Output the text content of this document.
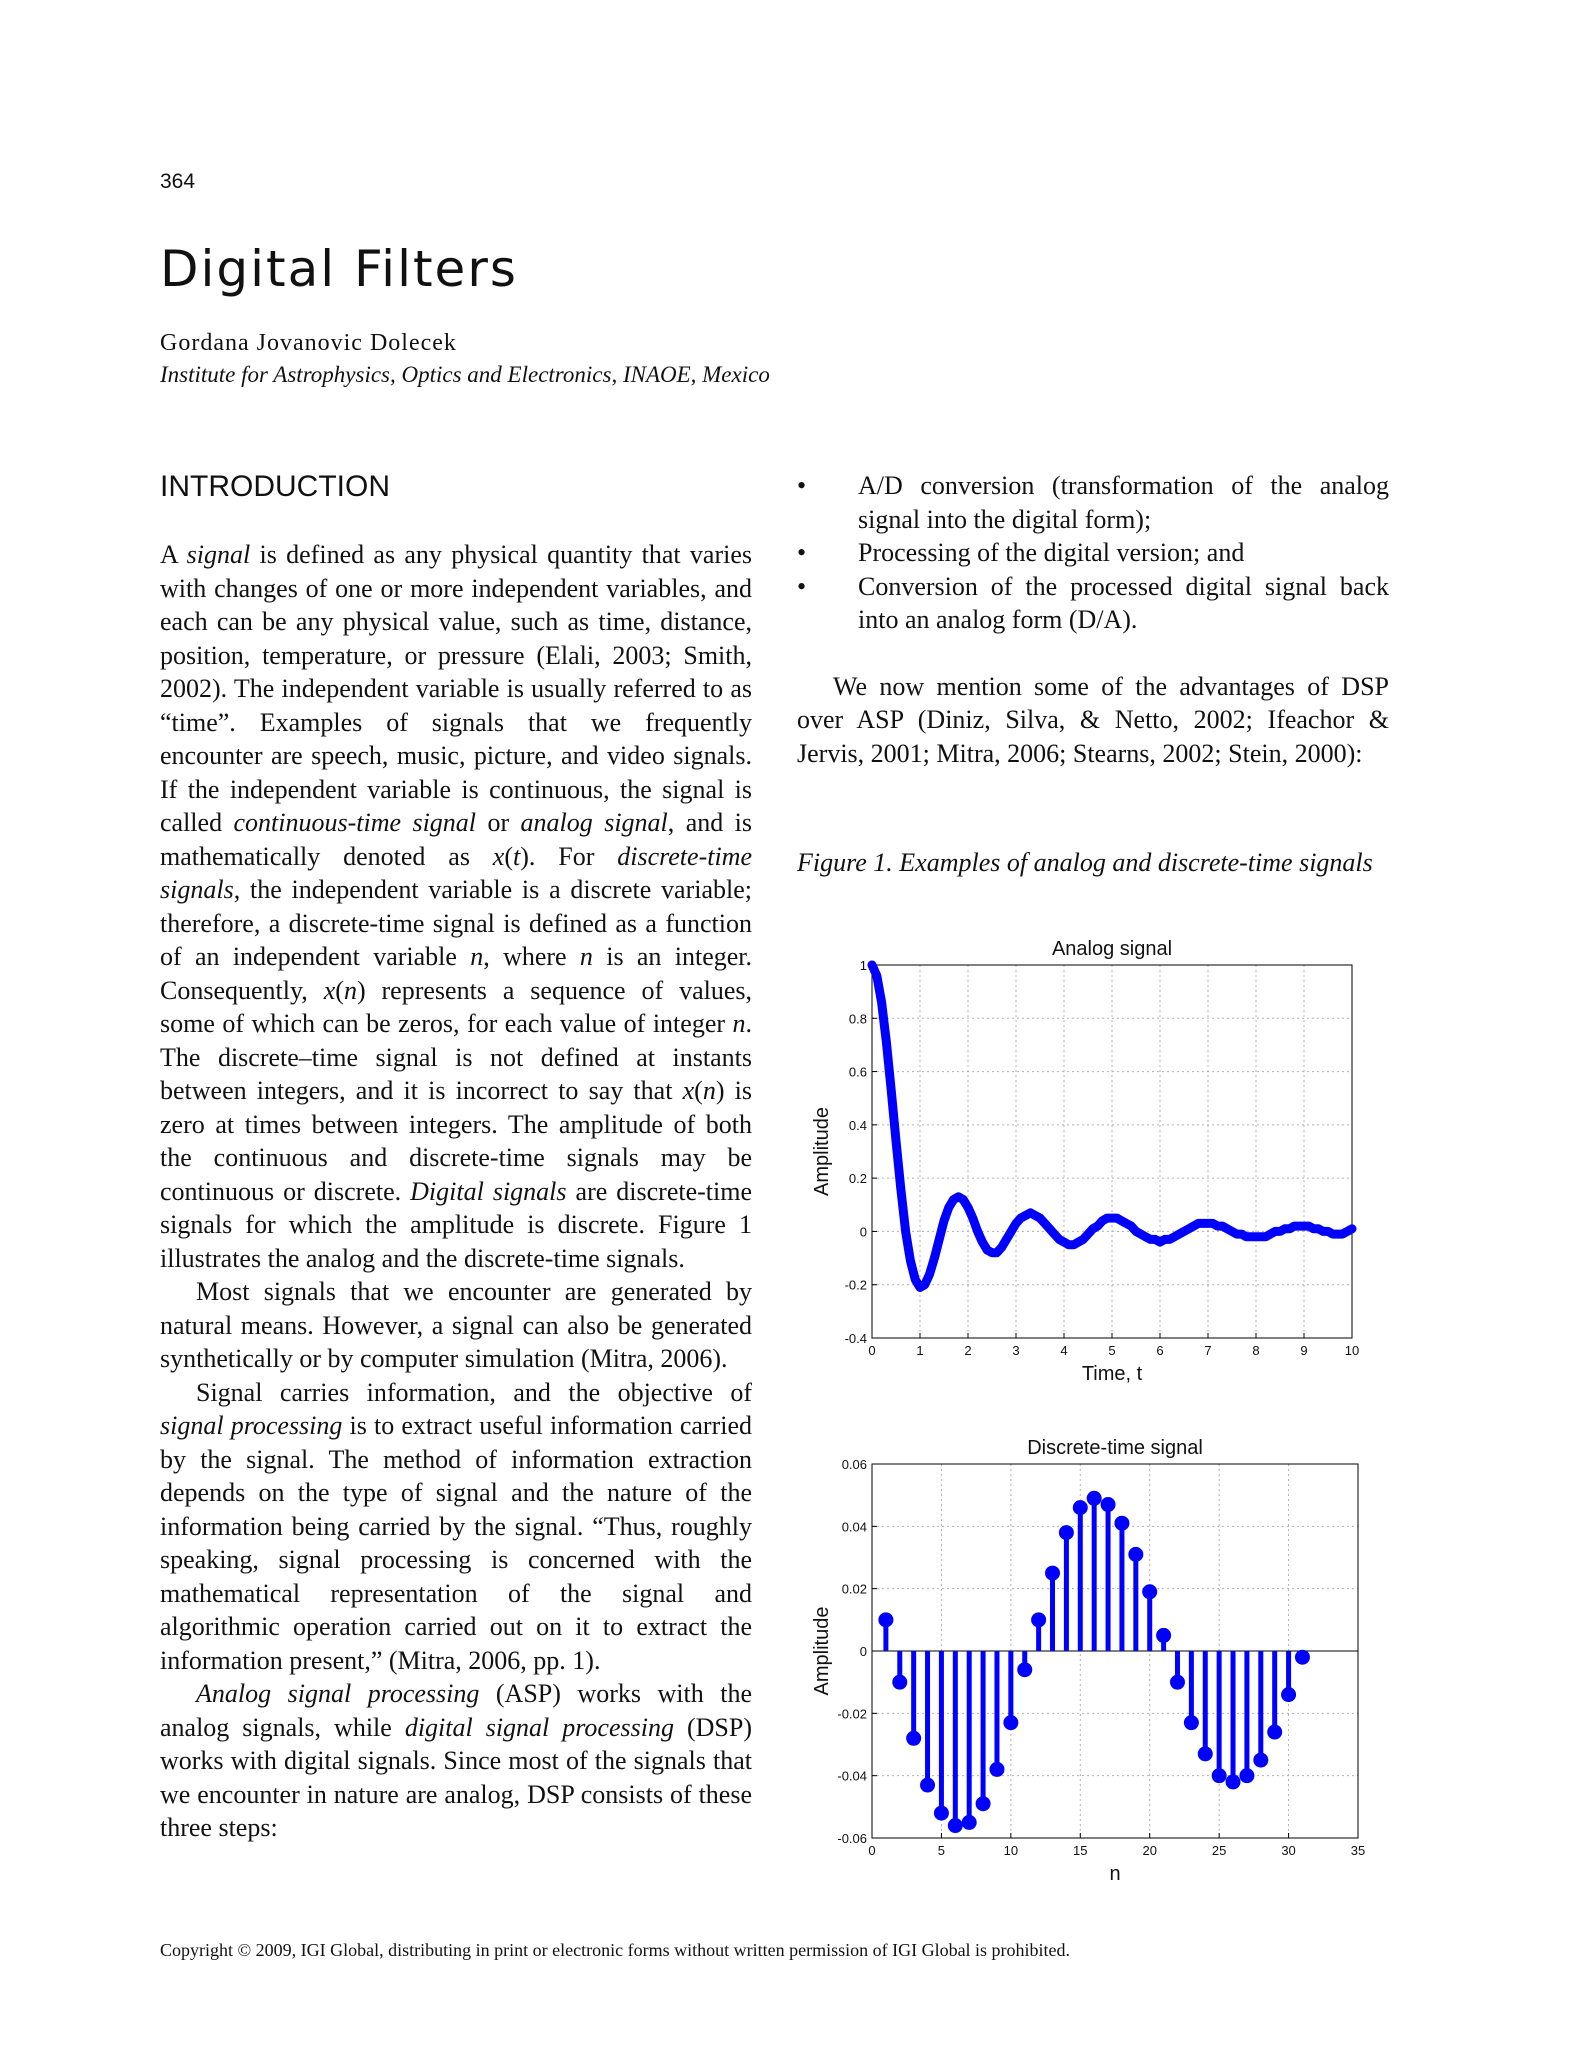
364
Digital Filters
Gordana Jovanovic Dolecek
Institute for Astrophysics, Optics and Electronics, INAOE, Mexico
INTRODUCTION

A signal is defined as any physical quantity that varies with changes of one or more independent variables, and each can be any physical value, such as time, distance, position, temperature, or pressure (Elali, 2003; Smith, 2002). The independent variable is usually referred to as “time”. Examples of signals that we frequently encounter are speech, music, picture, and video signals. If the independent variable is continuous, the signal is called continuous-time signal or analog signal, and is mathematically denoted as x(t). For discrete-time signals, the independent variable is a discrete variable; therefore, a discrete-time signal is defined as a function of an independent variable n, where n is an integer. Consequently, x(n) represents a sequence of values, some of which can be zeros, for each value of integer n. The discrete–time signal is not defined at instants between integers, and it is incorrect to say that x(n) is zero at times between integers. The amplitude of both the continuous and discrete-time signals may be continuous or discrete. Digital signals are discrete-time signals for which the amplitude is discrete. Figure 1 illustrates the analog and the discrete-time signals.

Most signals that we encounter are generated by natural means. However, a signal can also be generated synthetically or by computer simulation (Mitra, 2006).

Signal carries information, and the objective of signal processing is to extract useful information carried by the signal. The method of information extraction depends on the type of signal and the nature of the information being carried by the signal. “Thus, roughly speaking, signal processing is concerned with the mathematical representation of the signal and algorithmic operation carried out on it to extract the information present,” (Mitra, 2006, pp. 1).

Analog signal processing (ASP) works with the analog signals, while digital signal processing (DSP) works with digital signals. Since most of the signals that we encounter in nature are analog, DSP consists of these three steps:

• A/D conversion (transformation of the analog signal into the digital form);
• Processing of the digital version; and
• Conversion of the processed digital signal back into an analog form (D/A).

We now mention some of the advantages of DSP over ASP (Diniz, Silva, & Netto, 2002; Ifeachor & Jervis, 2001; Mitra, 2006; Stearns, 2002; Stein, 2000):

Figure 1. Examples of analog and discrete-time signals
Analog signal
0	1	2	3	4	5	6	7	8	9	10
-0.4
-0.2
0
0.2
0.4
0.6
0.8
1
Time, t
Amplitude
Discrete-time signal
0	5	10	15	20	25	30	35
-0.06
-0.04
-0.02
0
0.02
0.04
0.06
n
Amplitude
Copyright © 2009, IGI Global, distributing in print or electronic forms without written permission of IGI Global is prohibited.
